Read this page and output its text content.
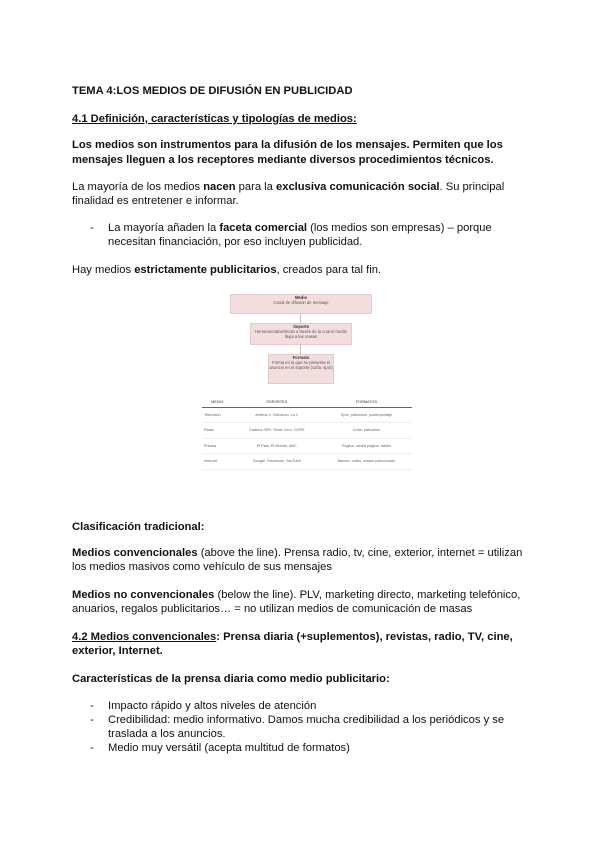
TEMA 4:LOS MEDIOS DE DIFUSIÓN EN PUBLICIDAD
4.1 Definición, características y tipologías de medios:
Los medios son instrumentos para la difusión de los mensajes. Permiten que los
mensajes lleguen a los receptores mediante diversos procedimientos técnicos.
La mayoría de los medios nacen para la exclusiva comunicación social. Su principal
finalidad es entretener e informar.
- La mayoría añaden la faceta comercial (los medios son empresas) – porque
necesitan financiación, por eso incluyen publicidad.
Hay medios estrictamente publicitarios, creados para tal fin.
Medio
Canal de difusión de mensaje
Soporte
Herramienta/vehículo a través de la cual el medio llega a las masas
Formato
Forma en la que se presenta el anuncio en el soporte (cuña, spot)
MEDIO	SOPORTES	FORMATOS
Televisión	Antena 3, Telecinco, La 1	Spot, patrocinio, publireportaje
Radio	Cadena SER, Onda Cero, COPE	Cuña, patrocinio
Prensa	El País, El Mundo, ABC	Página, media página, faldón
Internet	Google, Facebook, YouTube	Banner, vídeo, enlace patrocinado
Clasificación tradicional:
Medios convencionales (above the line). Prensa radio, tv, cine, exterior, internet = utilizan
los medios masivos como vehículo de sus mensajes
Medios no convencionales (below the line). PLV, marketing directo, marketing telefónico,
anuarios, regalos publicitarios… = no utilizan medios de comunicación de masas
4.2 Medios convencionales: Prensa diaria (+suplementos), revistas, radio, TV, cine,
exterior, Internet.
Características de la prensa diaria como medio publicitario:
- Impacto rápido y altos niveles de atención
- Credibilidad: medio informativo. Damos mucha credibilidad a los periódicos y se
traslada a los anuncios.
- Medio muy versátil (acepta multitud de formatos)
